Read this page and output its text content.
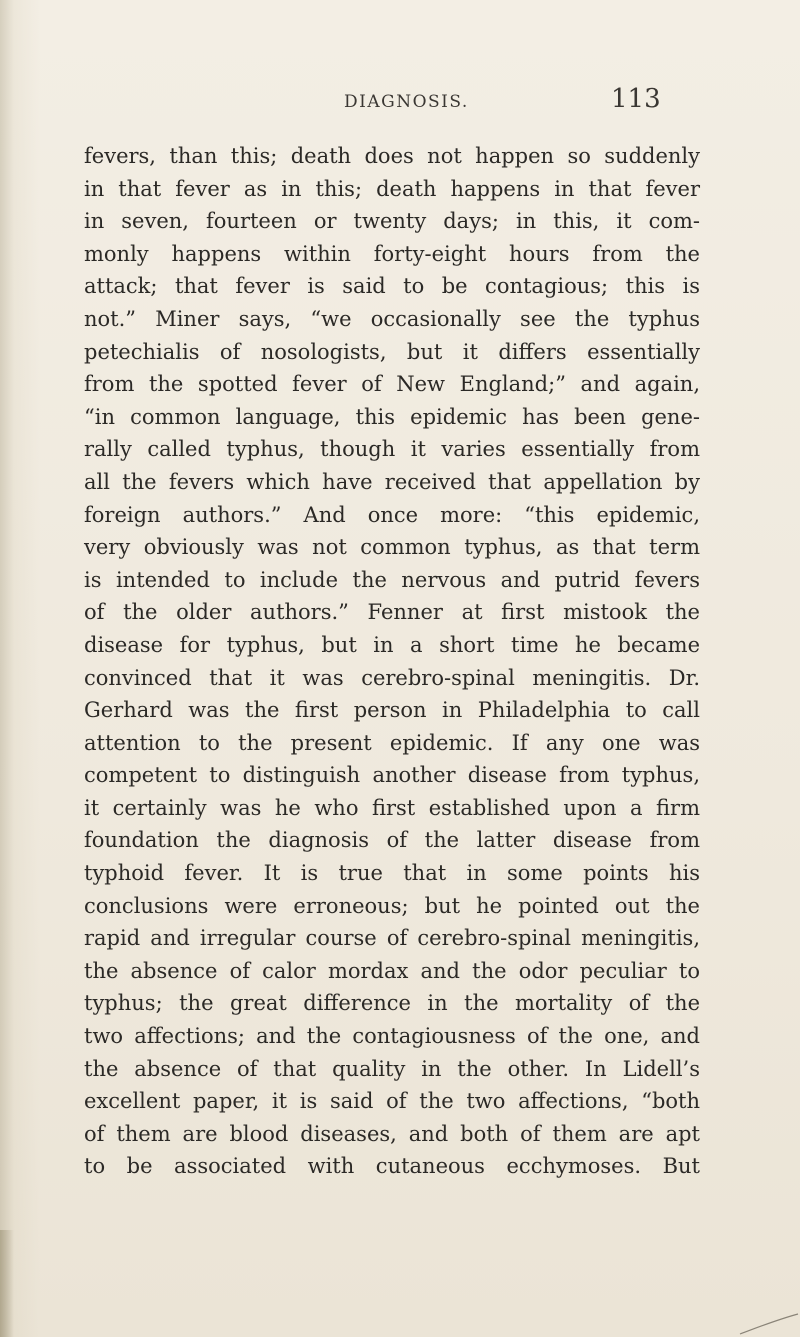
DIAGNOSIS.	113
fevers, than this; death does not happen so suddenly
in that fever as in this; death happens in that fever
in seven, fourteen or twenty days; in this, it com-
monly happens within forty-eight hours from the
attack; that fever is said to be contagious; this is
not.” Miner says, “we occasionally see the typhus
petechialis of nosologists, but it differs essentially
from the spotted fever of New England;” and again,
“in common language, this epidemic has been gene-
rally called typhus, though it varies essentially from
all the fevers which have received that appellation by
foreign authors.” And once more: “this epidemic,
very obviously was not common typhus, as that term
is intended to include the nervous and putrid fevers
of the older authors.” Fenner at first mistook the
disease for typhus, but in a short time he became
convinced that it was cerebro-spinal meningitis. Dr.
Gerhard was the first person in Philadelphia to call
attention to the present epidemic. If any one was
competent to distinguish another disease from typhus,
it certainly was he who first established upon a firm
foundation the diagnosis of the latter disease from
typhoid fever. It is true that in some points his
conclusions were erroneous; but he pointed out the
rapid and irregular course of cerebro-spinal meningitis,
the absence of calor mordax and the odor peculiar to
typhus; the great difference in the mortality of the
two affections; and the contagiousness of the one, and
the absence of that quality in the other. In Lidell’s
excellent paper, it is said of the two affections, “both
of them are blood diseases, and both of them are apt
to be associated with cutaneous ecchymoses. But
